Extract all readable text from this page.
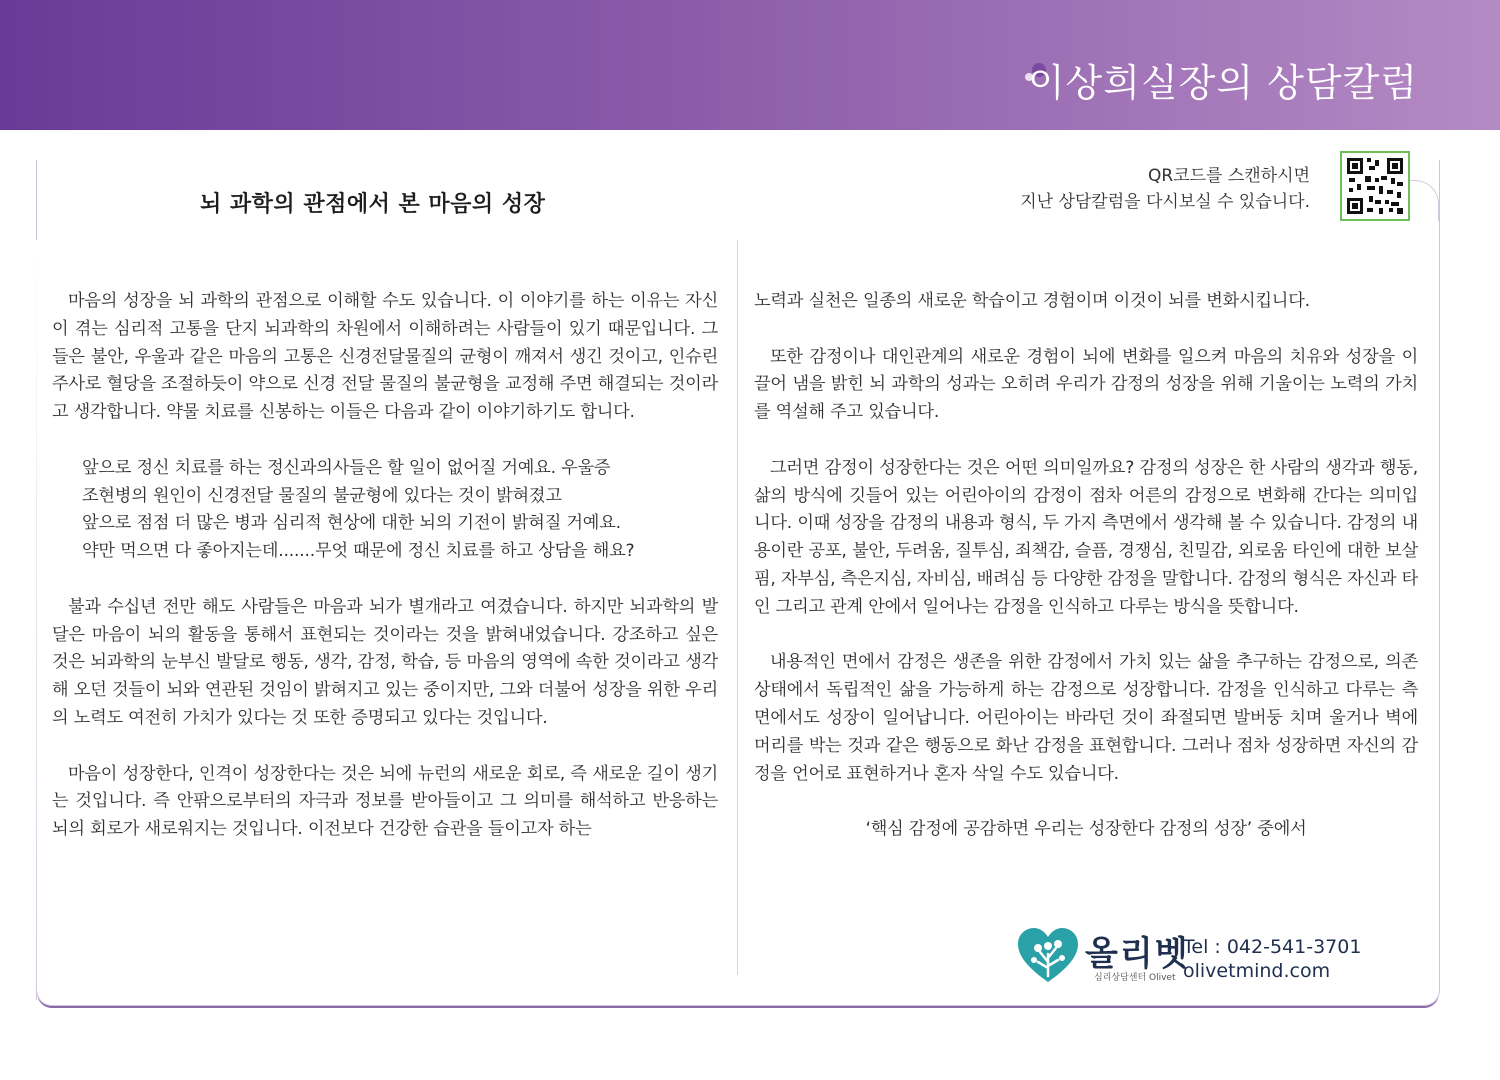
이상희실장의 상담칼럼
뇌 과학의 관점에서 본 마음의 성장
QR코드를 스캔하시면
지난 상담칼럼을 다시보실 수 있습니다.

마음의 성장을 뇌 과학의 관점으로 이해할 수도 있습니다. 이 이야기를 하는 이유는 자신이 겪는 심리적 고통을 단지 뇌과학의 차원에서 이해하려는 사람들이 있기 때문입니다. 그들은 불안, 우울과 같은 마음의 고통은 신경전달물질의 균형이 깨져서 생긴 것이고, 인슈린 주사로 혈당을 조절하듯이 약으로 신경 전달 물질의 불균형을 교정해 주면 해결되는 것이라고 생각합니다. 약물 치료를 신봉하는 이들은 다음과 같이 이야기하기도 합니다.

앞으로 정신 치료를 하는 정신과의사들은 할 일이 없어질 거예요. 우울증
조현병의 원인이 신경전달 물질의 불균형에 있다는 것이 밝혀졌고
앞으로 점점 더 많은 병과 심리적 현상에 대한 뇌의 기전이 밝혀질 거예요.
약만 먹으면 다 좋아지는데.......무엇 때문에 정신 치료를 하고 상담을 해요?

불과 수십년 전만 해도 사람들은 마음과 뇌가 별개라고 여겼습니다. 하지만 뇌과학의 발달은 마음이 뇌의 활동을 통해서 표현되는 것이라는 것을 밝혀내었습니다. 강조하고 싶은 것은 뇌과학의 눈부신 발달로 행동, 생각, 감정, 학습, 등 마음의 영역에 속한 것이라고 생각해 오던 것들이 뇌와 연관된 것임이 밝혀지고 있는 중이지만, 그와 더불어 성장을 위한 우리의 노력도 여전히 가치가 있다는 것 또한 증명되고 있다는 것입니다.

마음이 성장한다, 인격이 성장한다는 것은 뇌에 뉴런의 새로운 회로, 즉 새로운 길이 생기는 것입니다. 즉 안팎으로부터의 자극과 정보를 받아들이고 그 의미를 해석하고 반응하는 뇌의 회로가 새로워지는 것입니다. 이전보다 건강한 습관을 들이고자 하는

노력과 실천은 일종의 새로운 학습이고 경험이며 이것이 뇌를 변화시킵니다.

또한 감정이나 대인관계의 새로운 경험이 뇌에 변화를 일으켜 마음의 치유와 성장을 이끌어 냄을 밝힌 뇌 과학의 성과는 오히려 우리가 감정의 성장을 위해 기울이는 노력의 가치를 역설해 주고 있습니다.

그러면 감정이 성장한다는 것은 어떤 의미일까요? 감정의 성장은 한 사람의 생각과 행동, 삶의 방식에 깃들어 있는 어린아이의 감정이 점차 어른의 감정으로 변화해 간다는 의미입니다. 이때 성장을 감정의 내용과 형식, 두 가지 측면에서 생각해 볼 수 있습니다. 감정의 내용이란 공포, 불안, 두려움, 질투심, 죄책감, 슬픔, 경쟁심, 친밀감, 외로움 타인에 대한 보살핌, 자부심, 측은지심, 자비심, 배려심 등 다양한 감정을 말합니다. 감정의 형식은 자신과 타인 그리고 관계 안에서 일어나는 감정을 인식하고 다루는 방식을 뜻합니다.

내용적인 면에서 감정은 생존을 위한 감정에서 가치 있는 삶을 추구하는 감정으로, 의존 상태에서 독립적인 삶을 가능하게 하는 감정으로 성장합니다. 감정을 인식하고 다루는 측면에서도 성장이 일어납니다. 어린아이는 바라던 것이 좌절되면 발버둥 치며 울거나 벽에 머리를 박는 것과 같은 행동으로 화난 감정을 표현합니다. 그러나 점차 성장하면 자신의 감정을 언어로 표현하거나 혼자 삭일 수도 있습니다.

‘핵심 감정에 공감하면 우리는 성장한다 감정의 성장’ 중에서

올리벳
심리상담센터 Olivet
Tel : 042-541-3701
olivetmind.com
